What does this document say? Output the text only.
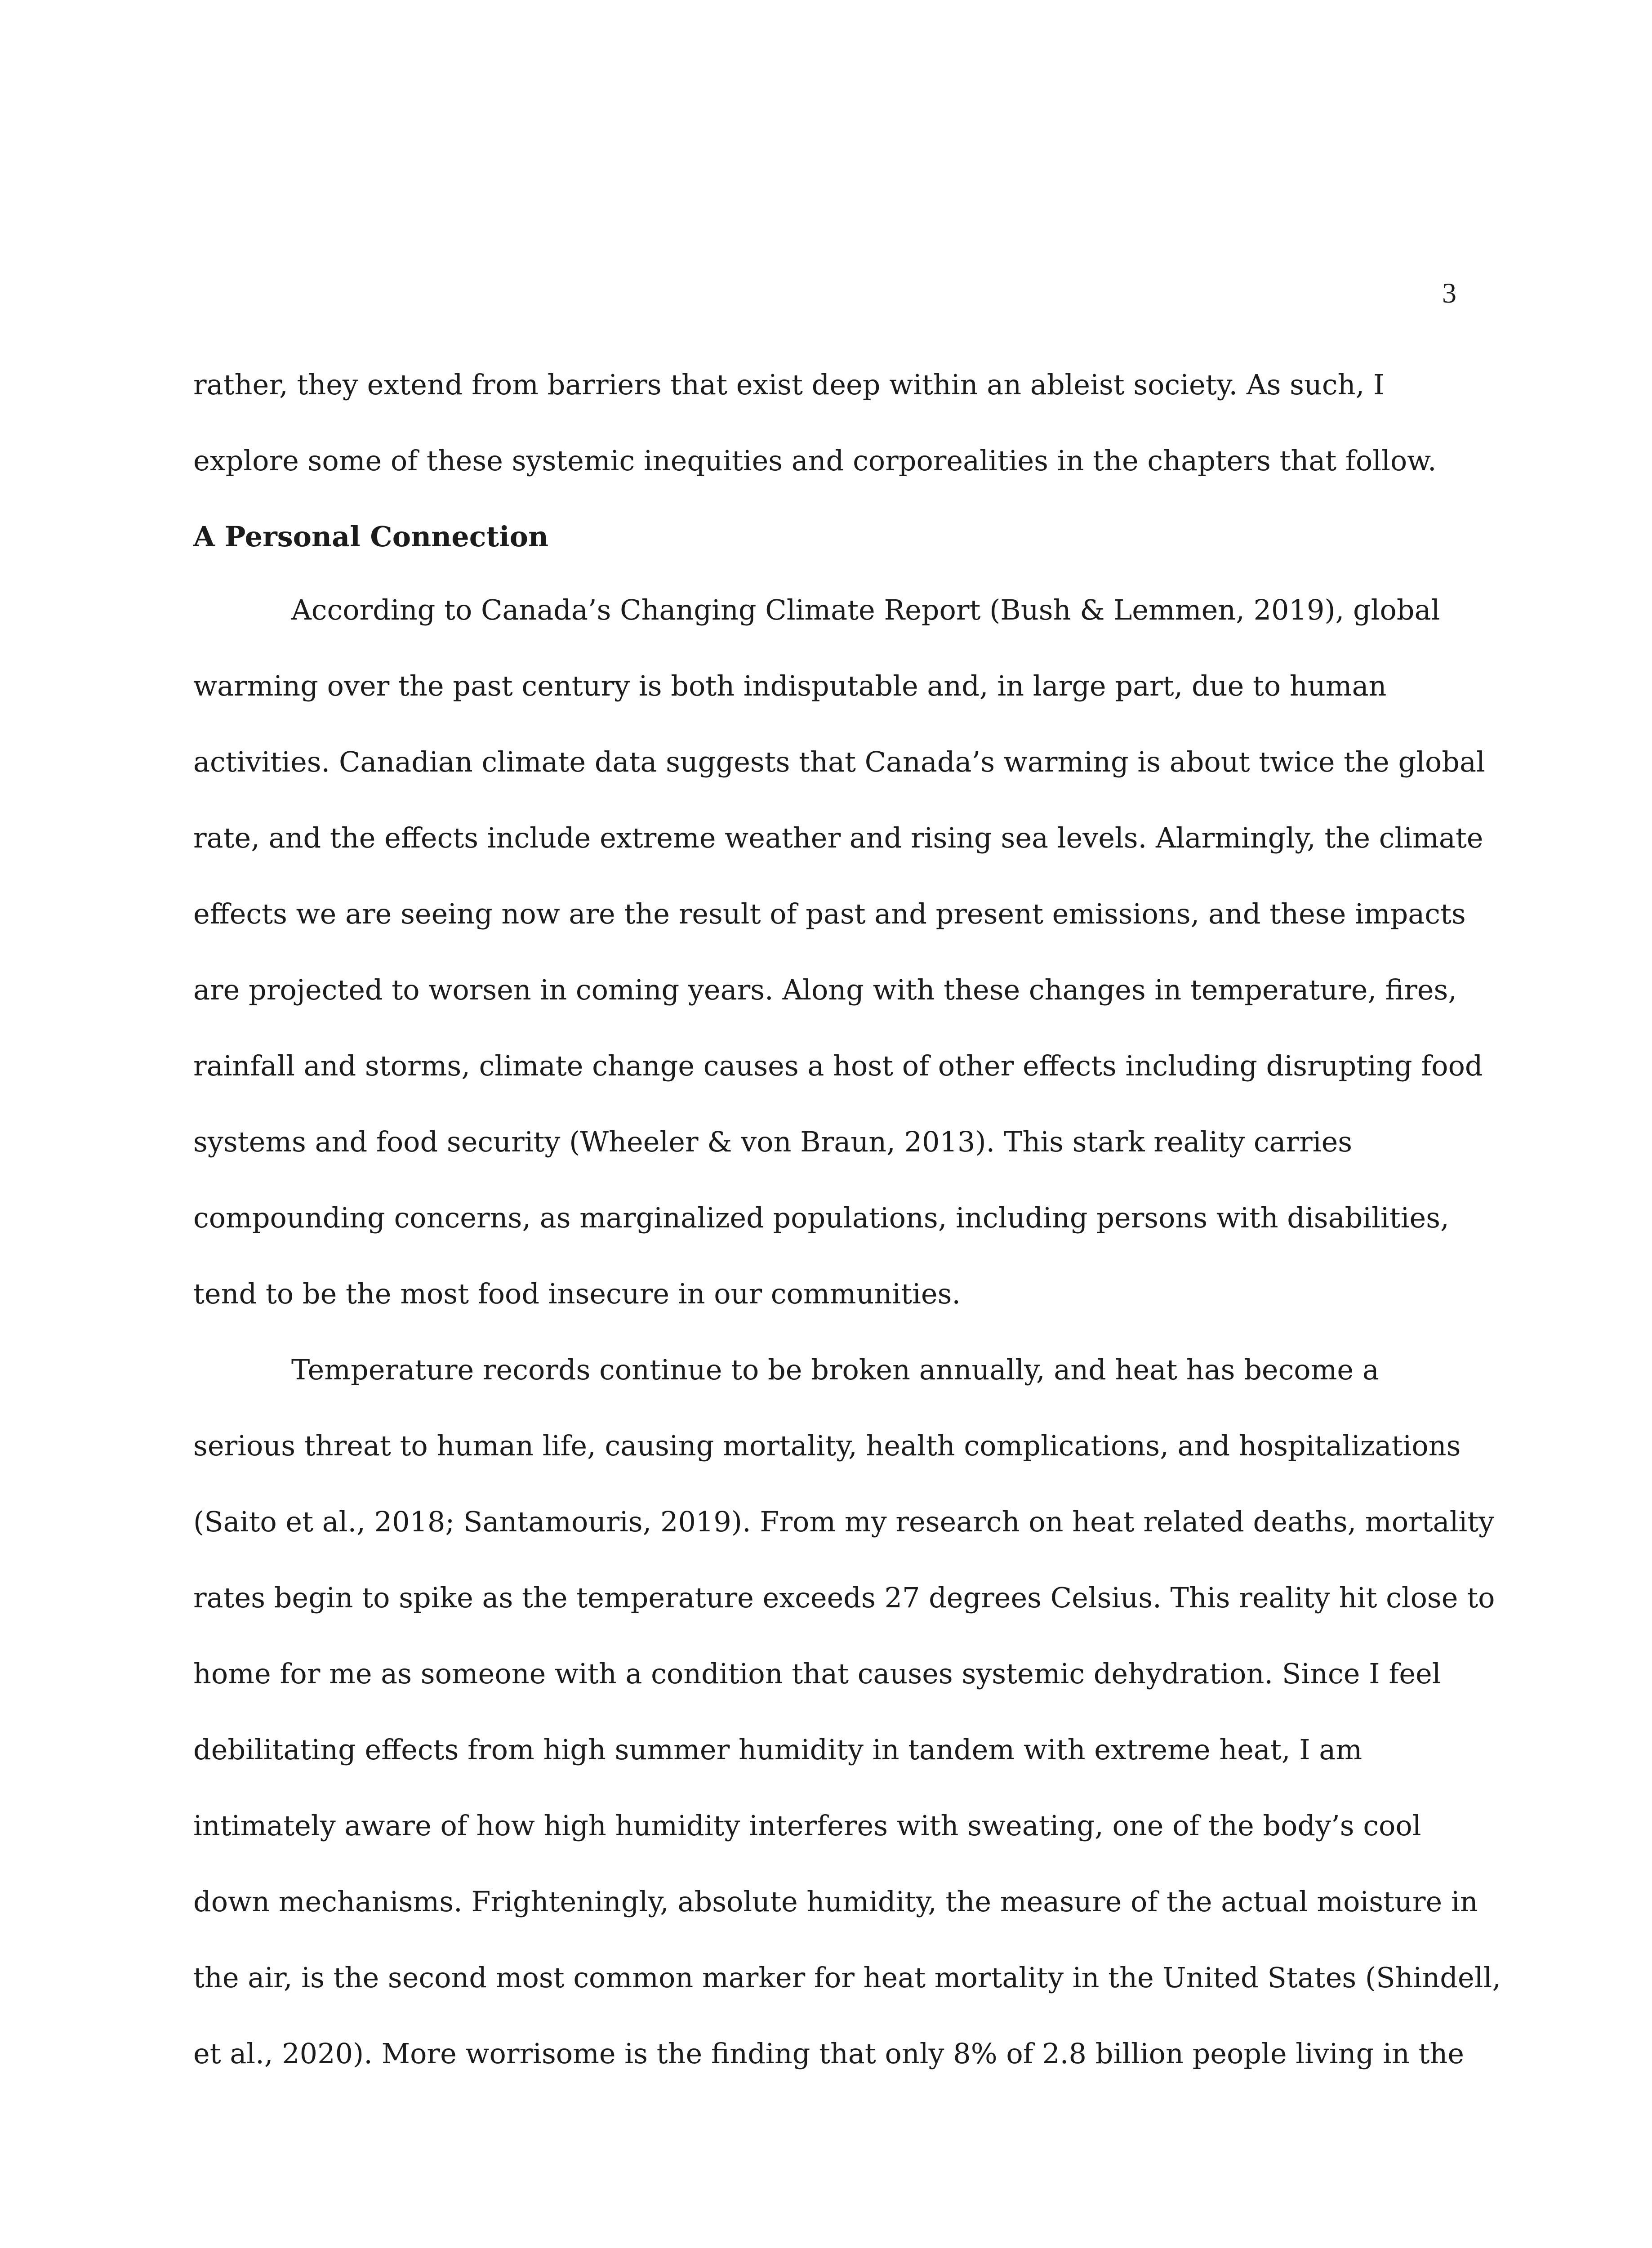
3
rather, they extend from barriers that exist deep within an ableist society. As such, I
explore some of these systemic inequities and corporealities in the chapters that follow.
A Personal Connection
According to Canada’s Changing Climate Report (Bush & Lemmen, 2019), global
warming over the past century is both indisputable and, in large part, due to human
activities. Canadian climate data suggests that Canada’s warming is about twice the global
rate, and the effects include extreme weather and rising sea levels. Alarmingly, the climate
effects we are seeing now are the result of past and present emissions, and these impacts
are projected to worsen in coming years. Along with these changes in temperature, fires,
rainfall and storms, climate change causes a host of other effects including disrupting food
systems and food security (Wheeler & von Braun, 2013). This stark reality carries
compounding concerns, as marginalized populations, including persons with disabilities,
tend to be the most food insecure in our communities.
Temperature records continue to be broken annually, and heat has become a
serious threat to human life, causing mortality, health complications, and hospitalizations
(Saito et al., 2018; Santamouris, 2019). From my research on heat related deaths, mortality
rates begin to spike as the temperature exceeds 27 degrees Celsius. This reality hit close to
home for me as someone with a condition that causes systemic dehydration. Since I feel
debilitating effects from high summer humidity in tandem with extreme heat, I am
intimately aware of how high humidity interferes with sweating, one of the body’s cool
down mechanisms. Frighteningly, absolute humidity, the measure of the actual moisture in
the air, is the second most common marker for heat mortality in the United States (Shindell,
et al., 2020). More worrisome is the finding that only 8% of 2.8 billion people living in the
